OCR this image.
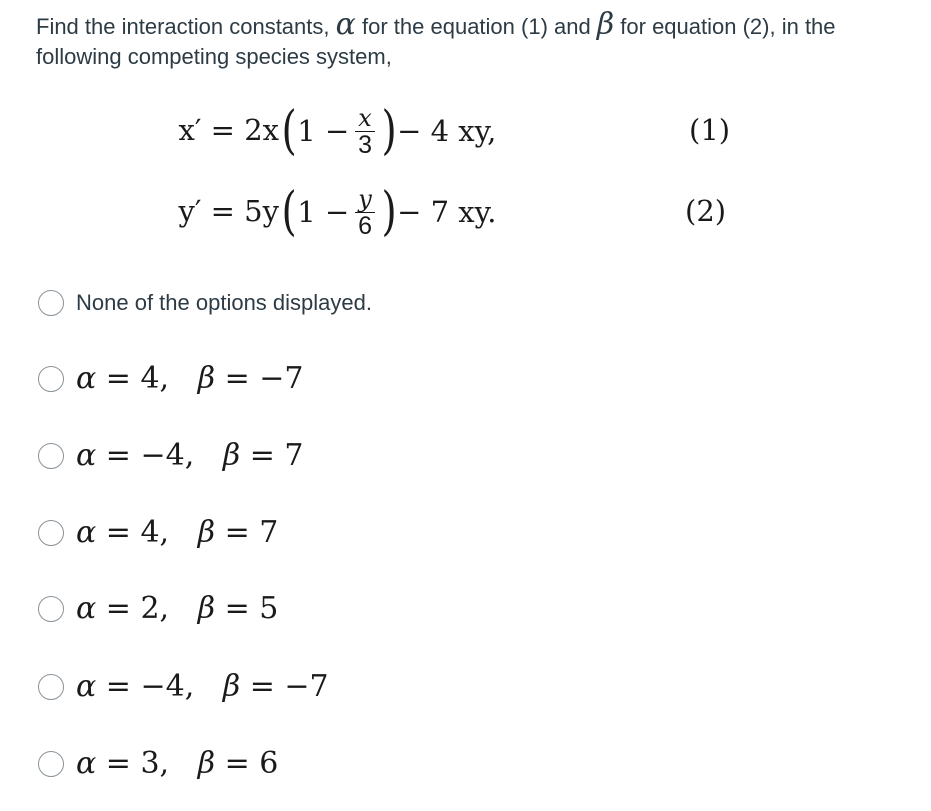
Find the interaction constants, α for the equation (1) and β for equation (2), in the following competing species system,
x′ = 2x ( $1 - \frac{x}{3}$ ) − 4 xy,	(1)
y′ = 5y ( $1 - \frac{y}{6}$ ) − 7 xy.	(2)
None of the options displayed.
α = 4, β = −7
α = −4, β = 7
α = 4, β = 7
α = 2, β = 5
α = −4, β = −7
α = 3, β = 6
